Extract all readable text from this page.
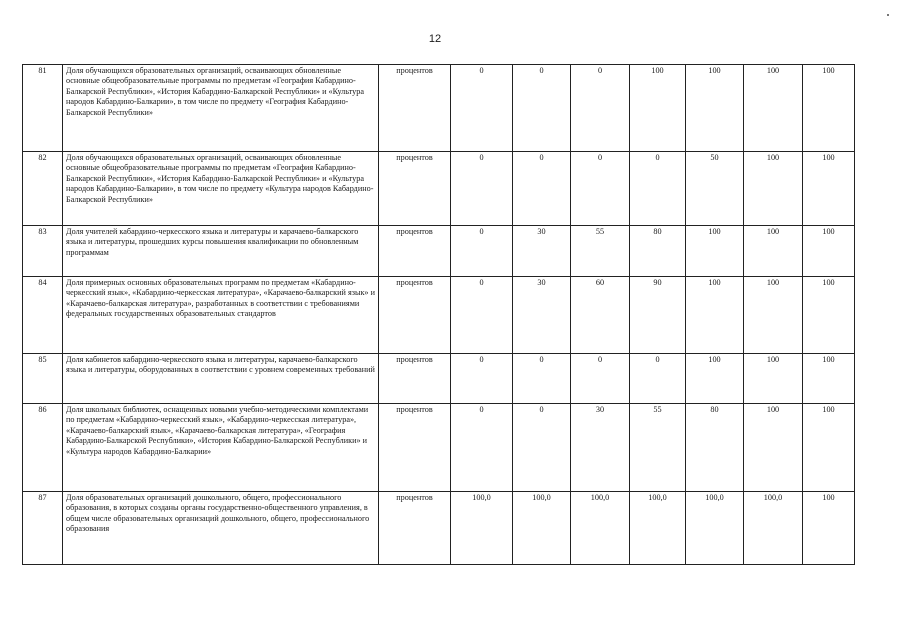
12
81	Доля обучающихся образовательных организаций, осваивающих обновленные основные общеобразовательные программы по предметам «География Кабардино-Балкарской Республики», «История Кабардино-Балкарской Республики» и «Культура народов Кабардино-Балкарии», в том числе по предмету «География Кабардино-Балкарской Республики»	процентов	0	0	0	100	100	100	100
82	Доля обучающихся образовательных организаций, осваивающих обновленные основные общеобразовательные программы по предметам «География Кабардино-Балкарской Республики», «История Кабардино-Балкарской Республики» и «Культура народов Кабардино-Балкарии», в том числе по предмету «Культура народов Кабардино-Балкарской Республики»	процентов	0	0	0	0	50	100	100
83	Доля учителей кабардино-черкесского языка и литературы и карачаево-балкарского языка и литературы, прошедших курсы повышения квалификации по обновленным программам	процентов	0	30	55	80	100	100	100
84	Доля примерных основных образовательных программ по предметам «Кабардино-черкесский язык», «Кабардино-черкесская литература», «Карачаево-балкарский язык» и «Карачаево-балкарская литература», разработанных в соответствии с требованиями федеральных государственных образовательных стандартов	процентов	0	30	60	90	100	100	100
85	Доля кабинетов кабардино-черкесского языка и литературы, карачаево-балкарского языка и литературы, оборудованных в соответствии с уровнем современных требований	процентов	0	0	0	0	100	100	100
86	Доля школьных библиотек, оснащенных новыми учебно-методическими комплектами по предметам «Кабардино-черкесский язык», «Кабардино-черкесская литература», «Карачаево-балкарский язык», «Карачаево-балкарская литература», «География Кабардино-Балкарской Республики», «История Кабардино-Балкарской Республики» и «Культура народов Кабардино-Балкарии»	процентов	0	0	30	55	80	100	100
87	Доля образовательных организаций дошкольного, общего, профессионального образования, в которых созданы органы государственно-общественного управления, в общем числе образовательных организаций дошкольного, общего, профессионального образования	процентов	100,0	100,0	100,0	100,0	100,0	100,0	100
